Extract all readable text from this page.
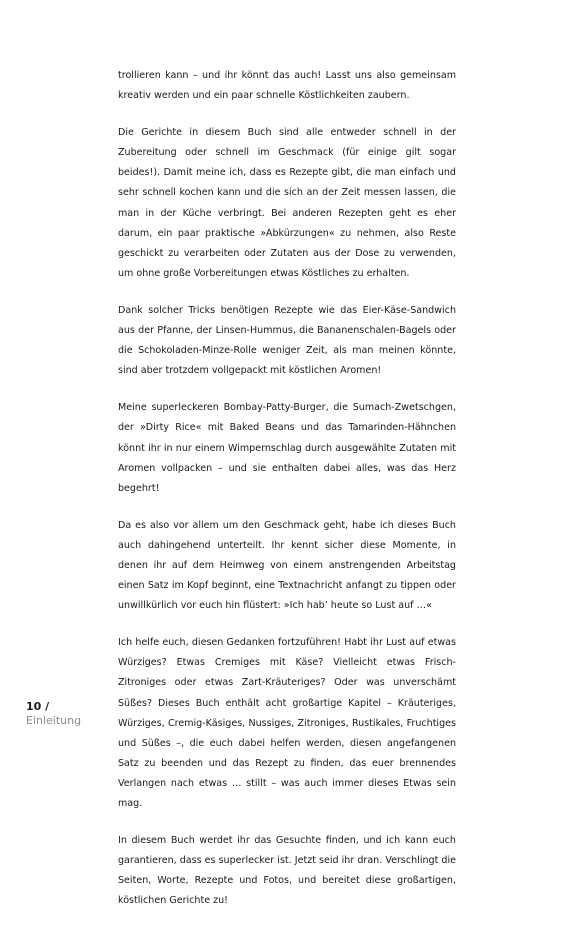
trollieren kann – und ihr könnt das auch! Lasst uns also gemeinsam kreativ werden und ein paar schnelle Köstlichkeiten zaubern.

Die Gerichte in diesem Buch sind alle entweder schnell in der Zubereitung oder schnell im Geschmack (für einige gilt sogar beides!). Damit meine ich, dass es Rezepte gibt, die man einfach und sehr schnell kochen kann und die sich an der Zeit messen lassen, die man in der Küche verbringt. Bei anderen Rezepten geht es eher darum, ein paar praktische »Abkürzungen« zu nehmen, also Reste geschickt zu verarbeiten oder Zutaten aus der Dose zu verwenden, um ohne große Vorbereitungen etwas Köstliches zu erhalten.

Dank solcher Tricks benötigen Rezepte wie das Eier-Käse-Sandwich aus der Pfanne, der Linsen-Hummus, die Bananenschalen-Bagels oder die Schokoladen-Minze-Rolle weniger Zeit, als man meinen könnte, sind aber trotzdem vollgepackt mit köstlichen Aromen!

Meine superleckeren Bombay-Patty-Burger, die Sumach-Zwetschgen, der »Dirty Rice« mit Baked Beans und das Tamarinden-Hähnchen könnt ihr in nur einem Wimpernschlag durch ausgewählte Zutaten mit Aromen vollpacken – und sie enthalten dabei alles, was das Herz begehrt!

Da es also vor allem um den Geschmack geht, habe ich dieses Buch auch dahingehend unterteilt. Ihr kennt sicher diese Momente, in denen ihr auf dem Heimweg von einem anstrengenden Arbeitstag einen Satz im Kopf beginnt, eine Textnachricht anfangt zu tippen oder unwillkürlich vor euch hin flüstert: »Ich hab’ heute so Lust auf …«

Ich helfe euch, diesen Gedanken fortzuführen! Habt ihr Lust auf etwas Würziges? Etwas Cremiges mit Käse? Vielleicht etwas Frisch-Zitroniges oder etwas Zart-Kräuteriges? Oder was unverschämt Süßes? Dieses Buch enthält acht großartige Kapitel – Kräuteriges, Würziges, Cremig-Käsiges, Nussiges, Zitroniges, Rustikales, Fruchtiges und Süßes –, die euch dabei helfen werden, diesen angefangenen Satz zu beenden und das Rezept zu finden, das euer brennendes Verlangen nach etwas … stillt – was auch immer dieses Etwas sein mag.

In diesem Buch werdet ihr das Gesuchte finden, und ich kann euch garantieren, dass es superlecker ist. Jetzt seid ihr dran. Verschlingt die Seiten, Worte, Rezepte und Fotos, und bereitet diese großartigen, köstlichen Gerichte zu!

10 /
Einleitung
